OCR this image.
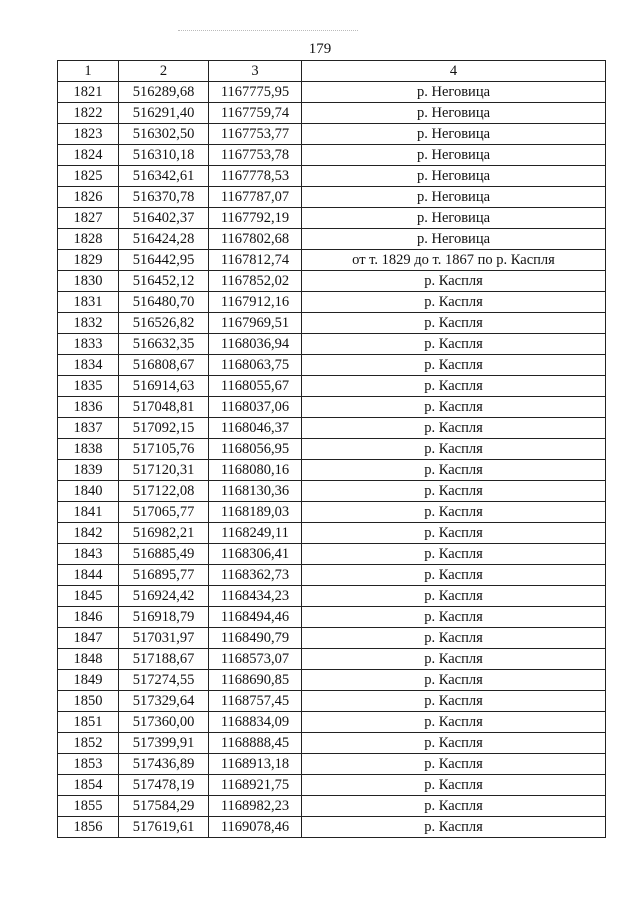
179
1	2	3	4
1821	516289,68	1167775,95	р. Неговица
1822	516291,40	1167759,74	р. Неговица
1823	516302,50	1167753,77	р. Неговица
1824	516310,18	1167753,78	р. Неговица
1825	516342,61	1167778,53	р. Неговица
1826	516370,78	1167787,07	р. Неговица
1827	516402,37	1167792,19	р. Неговица
1828	516424,28	1167802,68	р. Неговица
1829	516442,95	1167812,74	от т. 1829 до т. 1867 по р. Каспля
1830	516452,12	1167852,02	р. Каспля
1831	516480,70	1167912,16	р. Каспля
1832	516526,82	1167969,51	р. Каспля
1833	516632,35	1168036,94	р. Каспля
1834	516808,67	1168063,75	р. Каспля
1835	516914,63	1168055,67	р. Каспля
1836	517048,81	1168037,06	р. Каспля
1837	517092,15	1168046,37	р. Каспля
1838	517105,76	1168056,95	р. Каспля
1839	517120,31	1168080,16	р. Каспля
1840	517122,08	1168130,36	р. Каспля
1841	517065,77	1168189,03	р. Каспля
1842	516982,21	1168249,11	р. Каспля
1843	516885,49	1168306,41	р. Каспля
1844	516895,77	1168362,73	р. Каспля
1845	516924,42	1168434,23	р. Каспля
1846	516918,79	1168494,46	р. Каспля
1847	517031,97	1168490,79	р. Каспля
1848	517188,67	1168573,07	р. Каспля
1849	517274,55	1168690,85	р. Каспля
1850	517329,64	1168757,45	р. Каспля
1851	517360,00	1168834,09	р. Каспля
1852	517399,91	1168888,45	р. Каспля
1853	517436,89	1168913,18	р. Каспля
1854	517478,19	1168921,75	р. Каспля
1855	517584,29	1168982,23	р. Каспля
1856	517619,61	1169078,46	р. Каспля
